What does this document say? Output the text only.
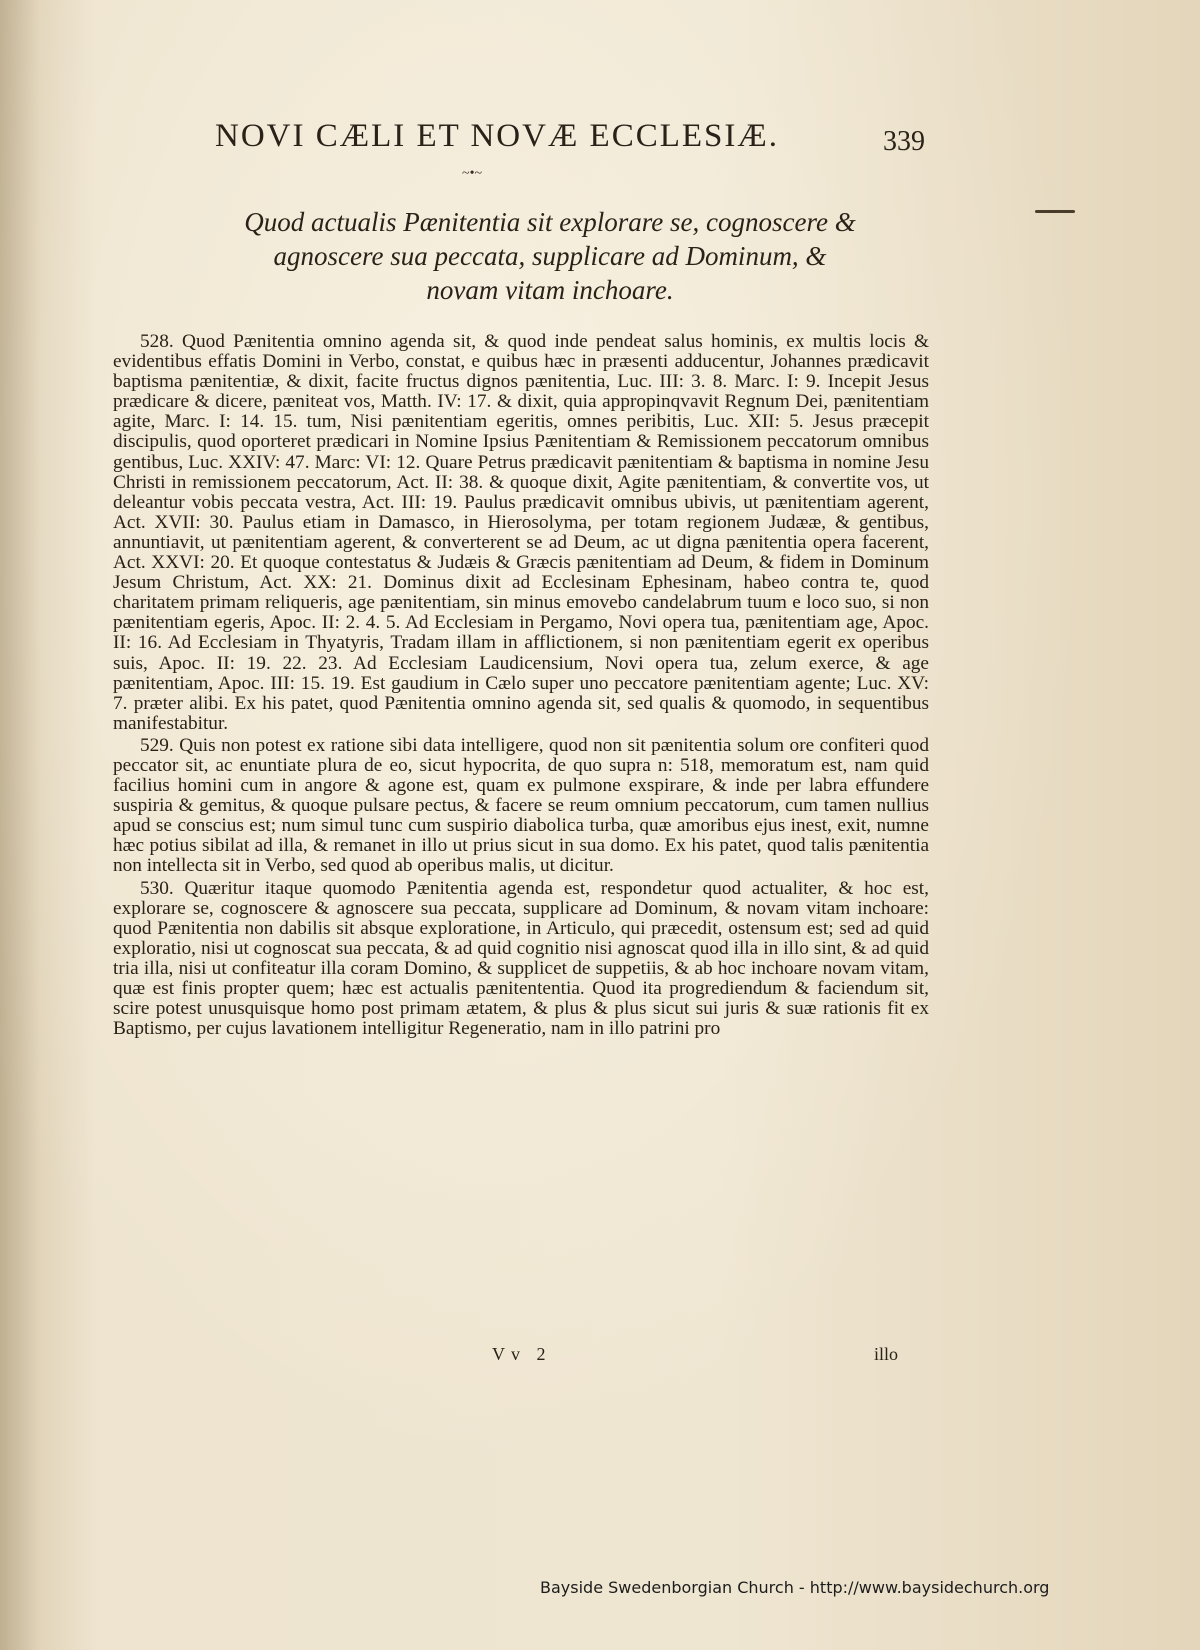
NOVI CÆLI ET NOVÆ ECCLESIÆ.	339
~•~
Quod actualis Pænitentia sit explorare se, cognoscere &
agnoscere sua peccata, supplicare ad Dominum, &
novam vitam inchoare.

528. Quod Pænitentia omnino agenda sit, & quod inde pendeat salus hominis, ex multis locis & evidentibus effatis Domini in Verbo, constat, e quibus hæc in præsenti adducentur, Johannes prædicavit baptisma pænitentiæ, & dixit, facite fructus dignos pænitentia, Luc. III: 3. 8. Marc. I: 9. Incepit Jesus prædicare & dicere, pæniteat vos, Matth. IV: 17. & dixit, quia appropinqvavit Regnum Dei, pænitentiam agite, Marc. I: 14. 15. tum, Nisi pænitentiam egeritis, omnes peribitis, Luc. XII: 5. Jesus præcepit discipulis, quod oporteret prædicari in Nomine Ipsius Pænitentiam & Remissionem peccatorum omnibus gentibus, Luc. XXIV: 47. Marc: VI: 12. Quare Petrus prædicavit pænitentiam & baptisma in nomine Jesu Christi in remissionem peccatorum, Act. II: 38. & quoque dixit, Agite pænitentiam, & convertite vos, ut deleantur vobis peccata vestra, Act. III: 19. Paulus prædicavit omnibus ubivis, ut pænitentiam agerent, Act. XVII: 30. Paulus etiam in Damasco, in Hierosolyma, per totam regionem Judææ, & gentibus, annuntiavit, ut pænitentiam agerent, & converterent se ad Deum, ac ut digna pænitentia opera facerent, Act. XXVI: 20. Et quoque contestatus & Judæis & Græcis pænitentiam ad Deum, & fidem in Dominum Jesum Christum, Act. XX: 21. Dominus dixit ad Ecclesinam Ephesinam, habeo contra te, quod charitatem primam reliqueris, age pænitentiam, sin minus emovebo candelabrum tuum e loco suo, si non pænitentiam egeris, Apoc. II: 2. 4. 5. Ad Ecclesiam in Pergamo, Novi opera tua, pænitentiam age, Apoc. II: 16. Ad Ecclesiam in Thyatyris, Tradam illam in afflictionem, si non pænitentiam egerit ex operibus suis, Apoc. II: 19. 22. 23. Ad Ecclesiam Laudicensium, Novi opera tua, zelum exerce, & age pænitentiam, Apoc. III: 15. 19. Est gaudium in Cælo super uno peccatore pænitentiam agente; Luc. XV: 7. præter alibi. Ex his patet, quod Pænitentia omnino agenda sit, sed qualis & quomodo, in sequentibus manifestabitur.

529. Quis non potest ex ratione sibi data intelligere, quod non sit pænitentia solum ore confiteri quod peccator sit, ac enuntiate plura de eo, sicut hypocrita, de quo supra n: 518, memoratum est, nam quid facilius homini cum in angore & agone est, quam ex pulmone exspirare, & inde per labra effundere suspiria & gemitus, & quoque pulsare pectus, & facere se reum omnium peccatorum, cum tamen nullius apud se conscius est; num simul tunc cum suspirio diabolica turba, quæ amoribus ejus inest, exit, numne hæc potius sibilat ad illa, & remanet in illo ut prius sicut in sua domo. Ex his patet, quod talis pænitentia non intellecta sit in Verbo, sed quod ab operibus malis, ut dicitur.

530. Quæritur itaque quomodo Pænitentia agenda est, respondetur quod actualiter, & hoc est, explorare se, cognoscere & agnoscere sua peccata, supplicare ad Dominum, & novam vitam inchoare: quod Pænitentia non dabilis sit absque exploratione, in Articulo, qui præcedit, ostensum est; sed ad quid exploratio, nisi ut cognoscat sua peccata, & ad quid cognitio nisi agnoscat quod illa in illo sint, & ad quid tria illa, nisi ut confiteatur illa coram Domino, & supplicet de suppetiis, & ab hoc inchoare novam vitam, quæ est finis propter quem; hæc est actualis pænitententia. Quod ita progrediendum & faciendum sit, scire potest unusquisque homo post primam ætatem, & plus & plus sicut sui juris & suæ rationis fit ex Baptismo, per cujus lavationem intelligitur Regeneratio, nam in illo patrini pro

Vv 2	illo
Bayside Swedenborgian Church - http://www.baysidechurch.org
